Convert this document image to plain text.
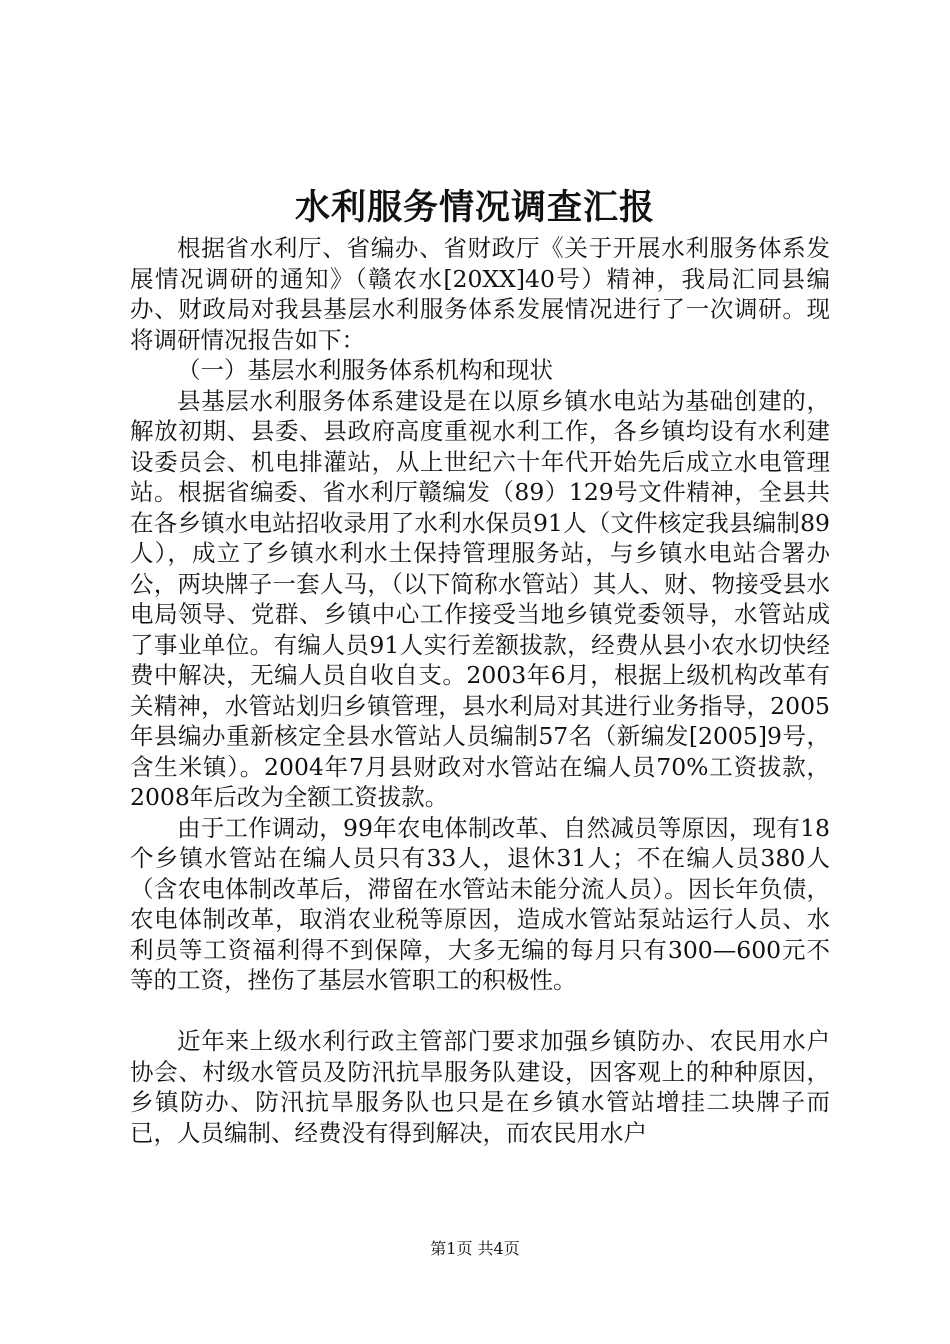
水利服务情况调查汇报

根据省水利厅、省编办、省财政厅《关于开展水利服务体系发展情况调研的通知》（赣农水[20XX]40号）精神，我局汇同县编办、财政局对我县基层水利服务体系发展情况进行了一次调研。现将调研情况报告如下：

（一）基层水利服务体系机构和现状

县基层水利服务体系建设是在以原乡镇水电站为基础创建的，解放初期、县委、县政府高度重视水利工作，各乡镇均设有水利建设委员会、机电排灌站，从上世纪六十年代开始先后成立水电管理站。根据省编委、省水利厅赣编发（89）129号文件精神，全县共在各乡镇水电站招收录用了水利水保员91人（文件核定我县编制89人），成立了乡镇水利水土保持管理服务站，与乡镇水电站合署办公，两块牌子一套人马，（以下简称水管站）其人、财、物接受县水电局领导、党群、乡镇中心工作接受当地乡镇党委领导，水管站成了事业单位。有编人员91人实行差额拔款，经费从县小农水切快经费中解决，无编人员自收自支。2003年6月，根据上级机构改革有关精神，水管站划归乡镇管理，县水利局对其进行业务指导，2005年县编办重新核定全县水管站人员编制57名（新编发[2005]9号，含生米镇）。2004年7月县财政对水管站在编人员70%工资拔款，2008年后改为全额工资拔款。

由于工作调动，99年农电体制改革、自然减员等原因，现有18个乡镇水管站在编人员只有33人，退休31人；不在编人员380人（含农电体制改革后，滞留在水管站未能分流人员）。因长年负债，农电体制改革，取消农业税等原因，造成水管站泵站运行人员、水利员等工资福利得不到保障，大多无编的每月只有300—600元不等的工资，挫伤了基层水管职工的积极性。

近年来上级水利行政主管部门要求加强乡镇防办、农民用水户协会、村级水管员及防汛抗旱服务队建设，因客观上的种种原因，乡镇防办、防汛抗旱服务队也只是在乡镇水管站增挂二块牌子而已，人员编制、经费没有得到解决，而农民用水户

第1页 共4页
